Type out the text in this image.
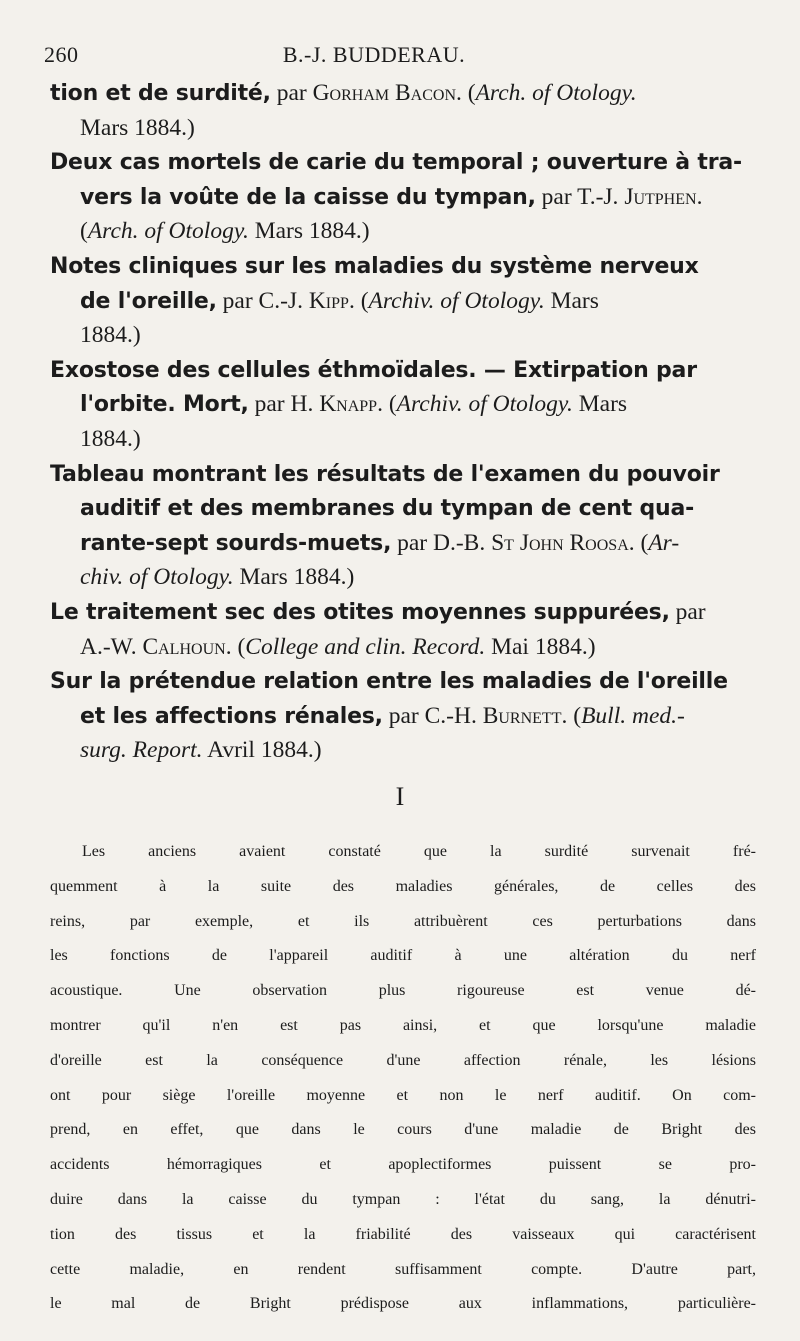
260	B.-J. BUDDERAU.
tion et de surdité, par Gorham Bacon. (Arch. of Otology.
Mars 1884.)
Deux cas mortels de carie du temporal ; ouverture à tra-
vers la voûte de la caisse du tympan, par T.-J. Jutphen.
(Arch. of Otology. Mars 1884.)
Notes cliniques sur les maladies du système nerveux
de l'oreille, par C.-J. Kipp. (Archiv. of Otology. Mars
1884.)
Exostose des cellules éthmoïdales. — Extirpation par
l'orbite. Mort, par H. Knapp. (Archiv. of Otology. Mars
1884.)
Tableau montrant les résultats de l'examen du pouvoir
auditif et des membranes du tympan de cent qua-
rante-sept sourds-muets, par D.-B. St John Roosa. (Ar-
chiv. of Otology. Mars 1884.)
Le traitement sec des otites moyennes suppurées, par
A.-W. Calhoun. (College and clin. Record. Mai 1884.)
Sur la prétendue relation entre les maladies de l'oreille
et les affections rénales, par C.-H. Burnett. (Bull. med.-
surg. Report. Avril 1884.)
I
Les anciens avaient constaté que la surdité survenait fré-
quemment à la suite des maladies générales, de celles des
reins, par exemple, et ils attribuèrent ces perturbations dans
les fonctions de l'appareil auditif à une altération du nerf
acoustique. Une observation plus rigoureuse est venue dé-
montrer qu'il n'en est pas ainsi, et que lorsqu'une maladie
d'oreille est la conséquence d'une affection rénale, les lésions
ont pour siège l'oreille moyenne et non le nerf auditif. On com-
prend, en effet, que dans le cours d'une maladie de Bright des
accidents hémorragiques et apoplectiformes puissent se pro-
duire dans la caisse du tympan : l'état du sang, la dénutri-
tion des tissus et la friabilité des vaisseaux qui caractérisent
cette maladie, en rendent suffisamment compte. D'autre part,
le mal de Bright prédispose aux inflammations, particulière-
